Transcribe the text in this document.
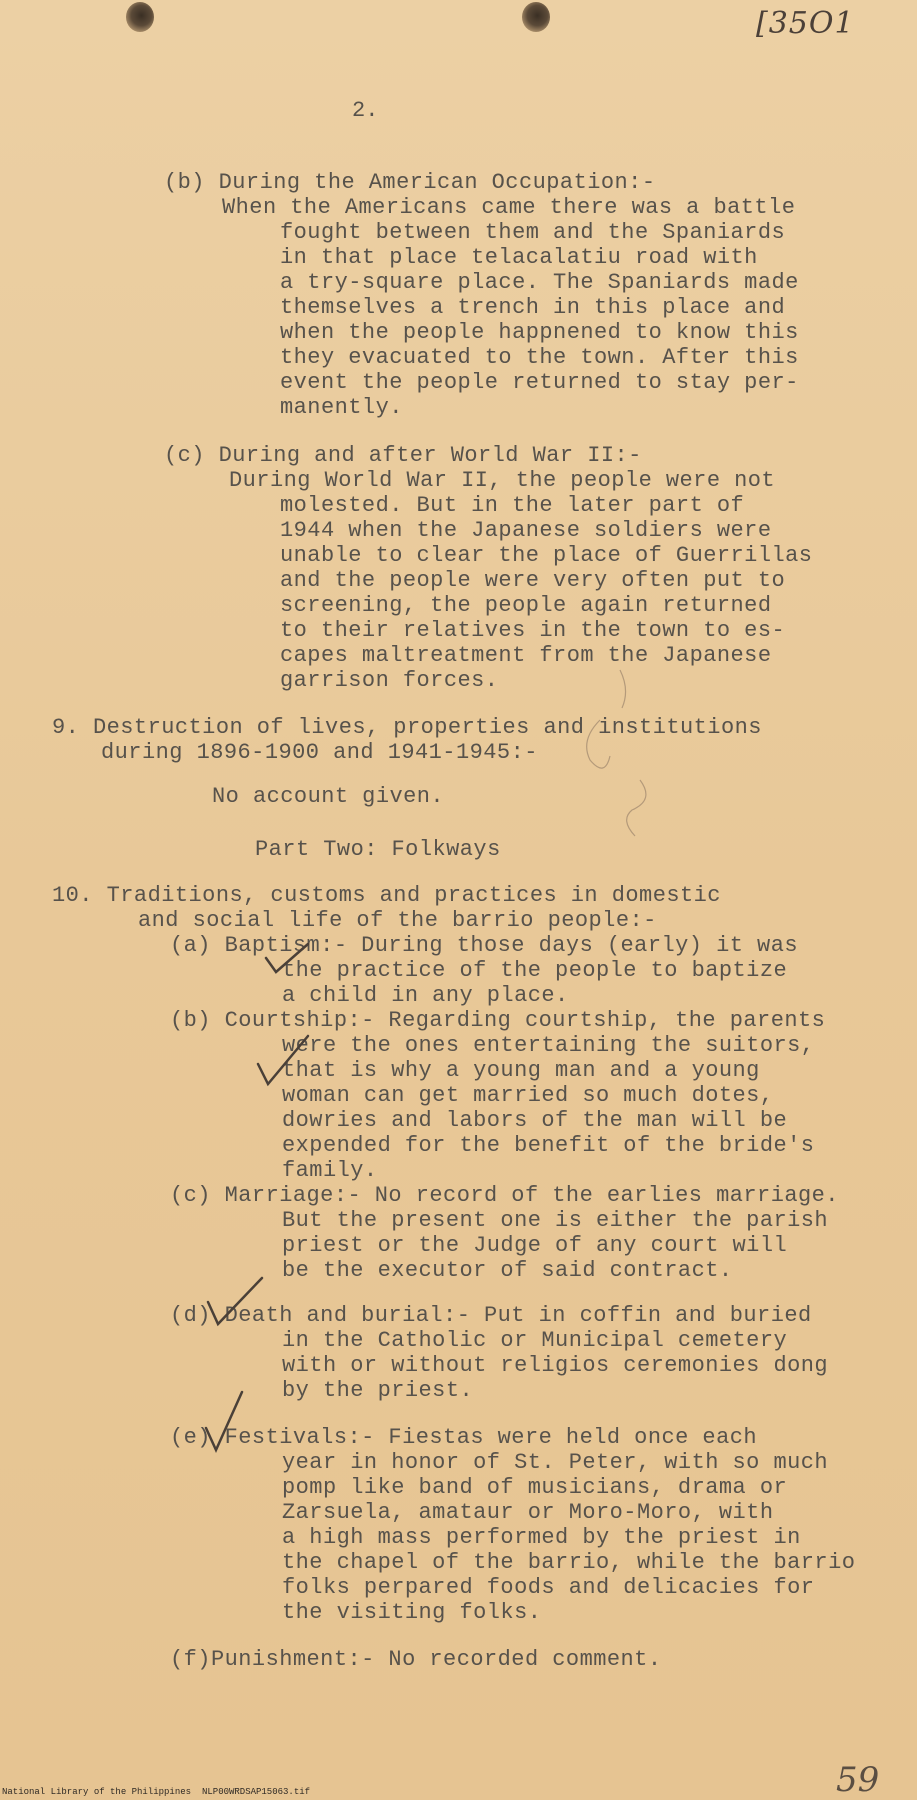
[35O1
2.
(b) During the American Occupation:-
When the Americans came there was a battle
fought between them and the Spaniards
in that place telacalatiu road with
a try-square place. The Spaniards made
themselves a trench in this place and
when the people happnened to know this
they evacuated to the town. After this
event the people returned to stay per-
manently.
(c) During and after World War II:-
During World War II, the people were not
molested. But in the later part of
1944 when the Japanese soldiers were
unable to clear the place of Guerrillas
and the people were very often put to
screening, the people again returned
to their relatives in the town to es-
capes maltreatment from the Japanese
garrison forces.
9. Destruction of lives, properties and institutions
during 1896-1900 and 1941-1945:-
No account given.
Part Two: Folkways
10. Traditions, customs and practices in domestic
and social life of the barrio people:-
(a) Baptism:- During those days (early) it was
the practice of the people to baptize
a child in any place.
(b) Courtship:- Regarding courtship, the parents
were the ones entertaining the suitors,
that is why a young man and a young
woman can get married so much dotes,
dowries and labors of the man will be
expended for the benefit of the bride's
family.
(c) Marriage:- No record of the earlies marriage.
But the present one is either the parish
priest or the Judge of any court will
be the executor of said contract.
(d) Death and burial:- Put in coffin and buried
in the Catholic or Municipal cemetery
with or without religios ceremonies dong
by the priest.
(e) Festivals:- Fiestas were held once each
year in honor of St. Peter, with so much
pomp like band of musicians, drama or
Zarsuela, amataur or Moro-Moro, with
a high mass performed by the priest in
the chapel of the barrio, while the barrio
folks perpared foods and delicacies for
the visiting folks.
(f)Punishment:- No recorded comment.
National Library of the Philippines NLP00WRDSAP15063.tif	59
